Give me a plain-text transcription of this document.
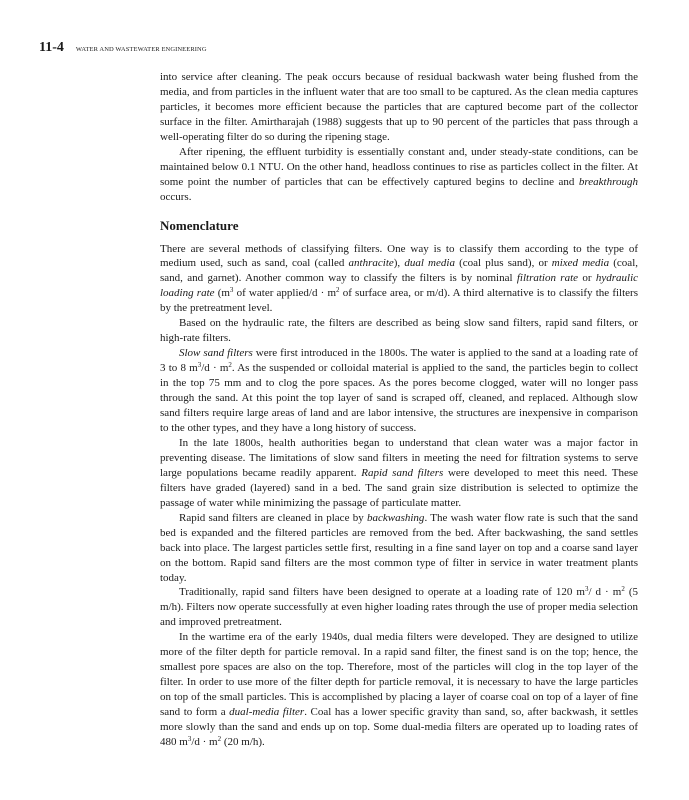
11-4 WATER AND WASTEWATER ENGINEERING

into service after cleaning. The peak occurs because of residual backwash water being flushed from the media, and from particles in the influent water that are too small to be captured. As the clean media captures particles, it becomes more efficient because the particles that are captured become part of the collector surface in the filter. Amirtharajah (1988) suggests that up to 90 percent of the particles that pass through a well-operating filter do so during the ripening stage.

After ripening, the effluent turbidity is essentially constant and, under steady-state conditions, can be maintained below 0.1 NTU. On the other hand, headloss continues to rise as particles collect in the filter. At some point the number of particles that can be effectively captured begins to decline and breakthrough occurs.

Nomenclature

There are several methods of classifying filters. One way is to classify them according to the type of medium used, such as sand, coal (called anthracite), dual media (coal plus sand), or mixed media (coal, sand, and garnet). Another common way to classify the filters is by nominal filtration rate or hydraulic loading rate ($m^3$ of water applied/d · $m^2$ of surface area, or m/d). A third alternative is to classify the filters by the pretreatment level.

Based on the hydraulic rate, the filters are described as being slow sand filters, rapid sand filters, or high-rate filters.

Slow sand filters were first introduced in the 1800s. The water is applied to the sand at a loading rate of 3 to 8 $m^3/d \cdot m^2$. As the suspended or colloidal material is applied to the sand, the particles begin to collect in the top 75 mm and to clog the pore spaces. As the pores become clogged, water will no longer pass through the sand. At this point the top layer of sand is scraped off, cleaned, and replaced. Although slow sand filters require large areas of land and are labor intensive, the structures are inexpensive in comparison to the other types, and they have a long history of success.

In the late 1800s, health authorities began to understand that clean water was a major factor in preventing disease. The limitations of slow sand filters in meeting the need for filtration systems to serve large populations became readily apparent. Rapid sand filters were developed to meet this need. These filters have graded (layered) sand in a bed. The sand grain size distribution is selected to optimize the passage of water while minimizing the passage of particulate matter.

Rapid sand filters are cleaned in place by backwashing. The wash water flow rate is such that the sand bed is expanded and the filtered particles are removed from the bed. After backwashing, the sand settles back into place. The largest particles settle first, resulting in a fine sand layer on top and a coarse sand layer on the bottom. Rapid sand filters are the most common type of filter in service in water treatment plants today.

Traditionally, rapid sand filters have been designed to operate at a loading rate of 120 $m^3/$ $d \cdot m^2$ (5 m/h). Filters now operate successfully at even higher loading rates through the use of proper media selection and improved pretreatment.

In the wartime era of the early 1940s, dual media filters were developed. They are designed to utilize more of the filter depth for particle removal. In a rapid sand filter, the finest sand is on the top; hence, the smallest pore spaces are also on the top. Therefore, most of the particles will clog in the top layer of the filter. In order to use more of the filter depth for particle removal, it is necessary to have the large particles on top of the small particles. This is accomplished by placing a layer of coarse coal on top of a layer of fine sand to form a dual-media filter. Coal has a lower specific gravity than sand, so, after backwash, it settles more slowly than the sand and ends up on top. Some dual-media filters are operated up to loading rates of 480 $m^3/d \cdot m^2$ (20 m/h).
